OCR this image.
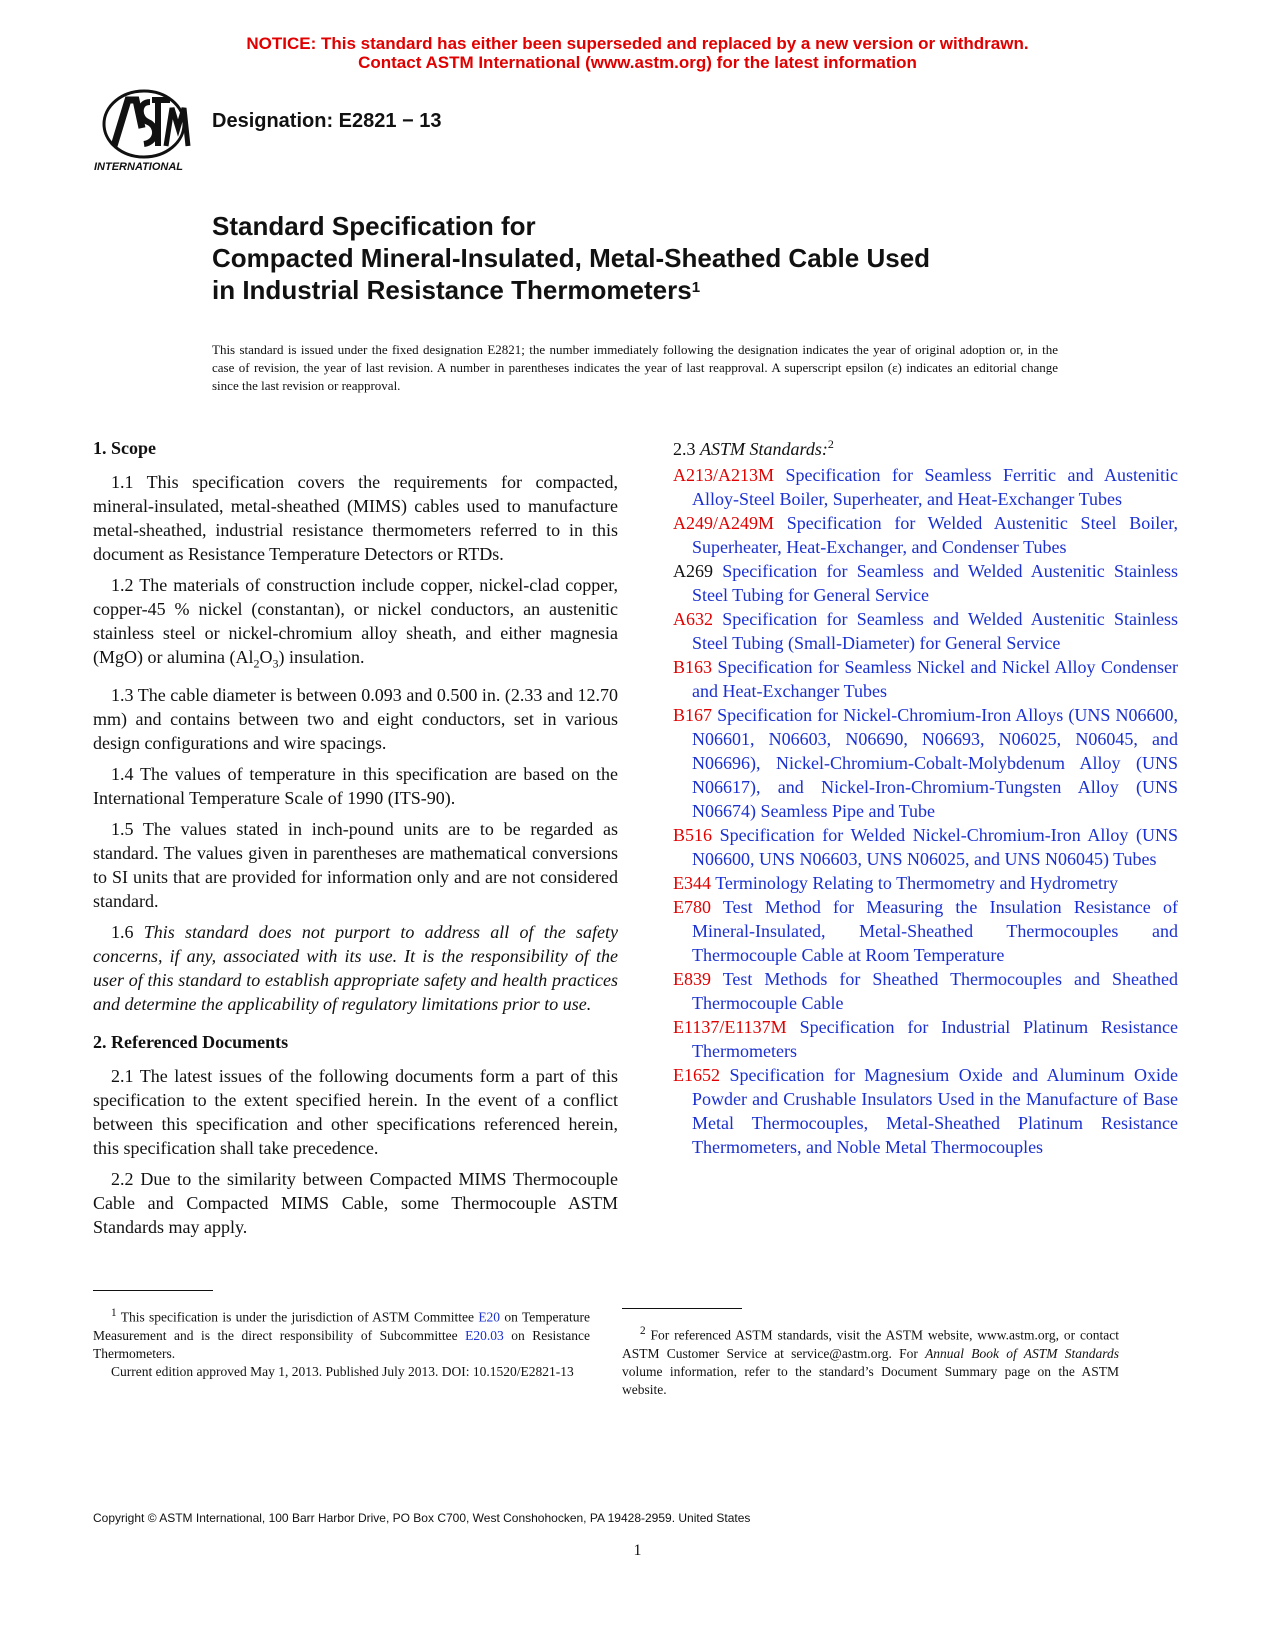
NOTICE: This standard has either been superseded and replaced by a new version or withdrawn.
Contact ASTM International (www.astm.org) for the latest information
INTERNATIONAL
Designation: E2821 − 13
Standard Specification for
Compacted Mineral-Insulated, Metal-Sheathed Cable Used
in Industrial Resistance Thermometers$^1$
This standard is issued under the fixed designation E2821; the number immediately following the designation indicates the year of original adoption or, in the case of revision, the year of last revision. A number in parentheses indicates the year of last reapproval. A superscript epsilon (ε) indicates an editorial change since the last revision or reapproval.
1. Scope

1.1 This specification covers the requirements for compacted, mineral-insulated, metal-sheathed (MIMS) cables used to manufacture metal-sheathed, industrial resistance thermometers referred to in this document as Resistance Temperature Detectors or RTDs.

1.2 The materials of construction include copper, nickel-clad copper, copper-45 % nickel (constantan), or nickel conductors, an austenitic stainless steel or nickel-chromium alloy sheath, and either magnesia (MgO) or alumina $(Al_2O_3)$ insulation.

1.3 The cable diameter is between 0.093 and 0.500 in. (2.33 and 12.70 mm) and contains between two and eight conductors, set in various design configurations and wire spacings.

1.4 The values of temperature in this specification are based on the International Temperature Scale of 1990 (ITS-90).

1.5 The values stated in inch-pound units are to be regarded as standard. The values given in parentheses are mathematical conversions to SI units that are provided for information only and are not considered standard.

1.6 This standard does not purport to address all of the safety concerns, if any, associated with its use. It is the responsibility of the user of this standard to establish appropriate safety and health practices and determine the applicability of regulatory limitations prior to use.

2. Referenced Documents

2.1 The latest issues of the following documents form a part of this specification to the extent specified herein. In the event of a conflict between this specification and other specifications referenced herein, this specification shall take precedence.

2.2 Due to the similarity between Compacted MIMS Thermocouple Cable and Compacted MIMS Cable, some Thermocouple ASTM Standards may apply.

2.3 ASTM Standards:$^2$

A213/A213M Specification for Seamless Ferritic and Austenitic Alloy-Steel Boiler, Superheater, and Heat-Exchanger Tubes

A249/A249M Specification for Welded Austenitic Steel Boiler, Superheater, Heat-Exchanger, and Condenser Tubes

A269 Specification for Seamless and Welded Austenitic Stainless Steel Tubing for General Service

A632 Specification for Seamless and Welded Austenitic Stainless Steel Tubing (Small-Diameter) for General Service

B163 Specification for Seamless Nickel and Nickel Alloy Condenser and Heat-Exchanger Tubes

B167 Specification for Nickel-Chromium-Iron Alloys (UNS N06600, N06601, N06603, N06690, N06693, N06025, N06045, and N06696), Nickel-Chromium-Cobalt-Molybdenum Alloy (UNS N06617), and Nickel-Iron-Chromium-Tungsten Alloy (UNS N06674) Seamless Pipe and Tube

B516 Specification for Welded Nickel-Chromium-Iron Alloy (UNS N06600, UNS N06603, UNS N06025, and UNS N06045) Tubes

E344 Terminology Relating to Thermometry and Hydrometry

E780 Test Method for Measuring the Insulation Resistance of Mineral-Insulated, Metal-Sheathed Thermocouples and Thermocouple Cable at Room Temperature

E839 Test Methods for Sheathed Thermocouples and Sheathed Thermocouple Cable

E1137/E1137M Specification for Industrial Platinum Resistance Thermometers

E1652 Specification for Magnesium Oxide and Aluminum Oxide Powder and Crushable Insulators Used in the Manufacture of Base Metal Thermocouples, Metal-Sheathed Platinum Resistance Thermometers, and Noble Metal Thermocouples

$^1$ This specification is under the jurisdiction of ASTM Committee E20 on Temperature Measurement and is the direct responsibility of Subcommittee E20.03 on Resistance Thermometers.
Current edition approved May 1, 2013. Published July 2013. DOI: 10.1520/E2821-13
$^2$ For referenced ASTM standards, visit the ASTM website, www.astm.org, or contact ASTM Customer Service at service@astm.org. For Annual Book of ASTM Standards volume information, refer to the standard’s Document Summary page on the ASTM website.
Copyright © ASTM International, 100 Barr Harbor Drive, PO Box C700, West Conshohocken, PA 19428-2959. United States
1
